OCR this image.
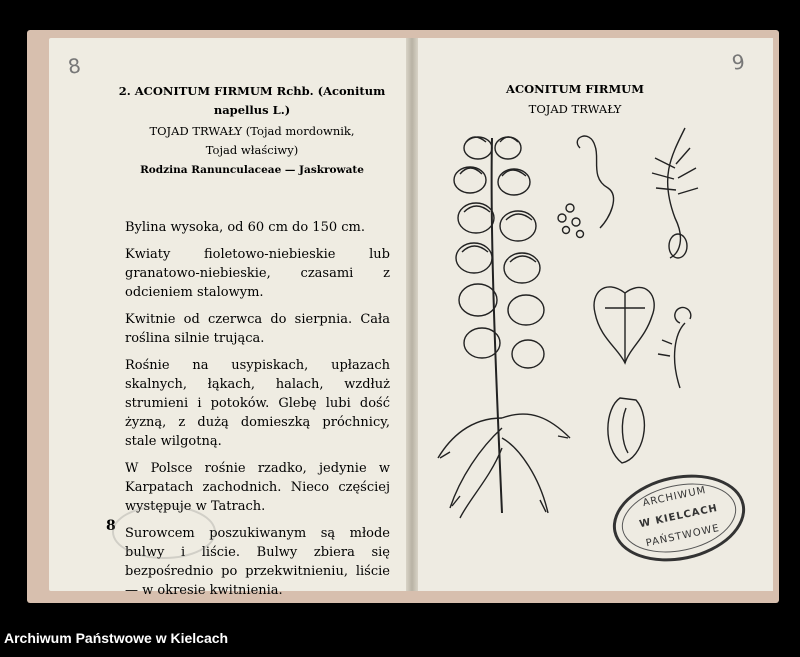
8
2. ACONITUM FIRMUM Rchb. (Aconitum
napellus L.)
TOJAD TRWAŁY (Tojad mordownik,
Tojad właściwy)
Rodzina Ranunculaceae — Jaskrowate

Bylina wysoka, od 60 cm do 150 cm.

Kwiaty fioletowo-niebieskie lub granatowo-niebieskie, czasami z odcieniem stalowym.

Kwitnie od czerwca do sierpnia. Cała roślina silnie trująca.

Rośnie na usypiskach, upłazach skalnych, łąkach, halach, wzdłuż strumieni i potoków. Glebę lubi dość żyzną, z dużą domieszką próchnicy, stale wilgotną.

W Polsce rośnie rzadko, jedynie w Karpatach zachodnich. Nieco częściej występuje w Tatrach.

Surowcem poszukiwanym są młode bulwy i liście. Bulwy zbiera się bezpośrednio po przekwitnieniu, liście — w okresie kwitnienia.

8
9
ACONITUM FIRMUM
TOJAD TRWAŁY
ARCHIWUM
W KIELCACH
PAŃSTWOWE
Archiwum Państwowe w Kielcach
